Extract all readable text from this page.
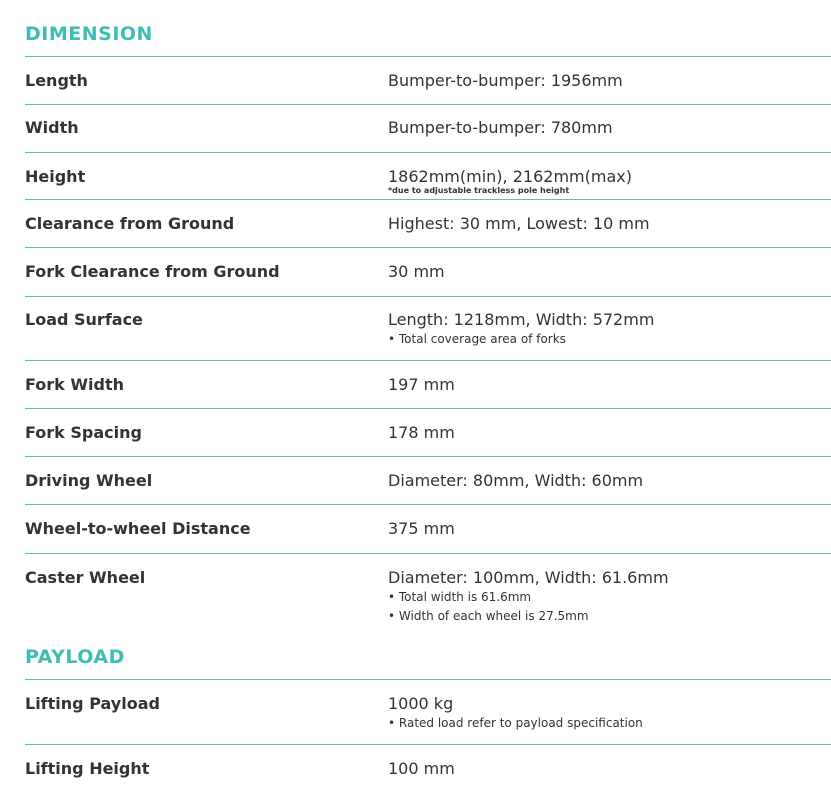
DIMENSION
Length	Bumper-to-bumper: 1956mm
Width	Bumper-to-bumper: 780mm
Height	1862mm(min), 2162mm(max)
*due to adjustable trackless pole height
Clearance from Ground	Highest: 30 mm, Lowest: 10 mm
Fork Clearance from Ground	30 mm
Load Surface	Length: 1218mm, Width: 572mm
• Total coverage area of forks
Fork Width	197 mm
Fork Spacing	178 mm
Driving Wheel	Diameter: 80mm, Width: 60mm
Wheel-to-wheel Distance	375 mm
Caster Wheel	Diameter: 100mm, Width: 61.6mm
• Total width is 61.6mm
• Width of each wheel is 27.5mm
PAYLOAD
Lifting Payload	1000 kg
• Rated load refer to payload specification
Lifting Height	100 mm
